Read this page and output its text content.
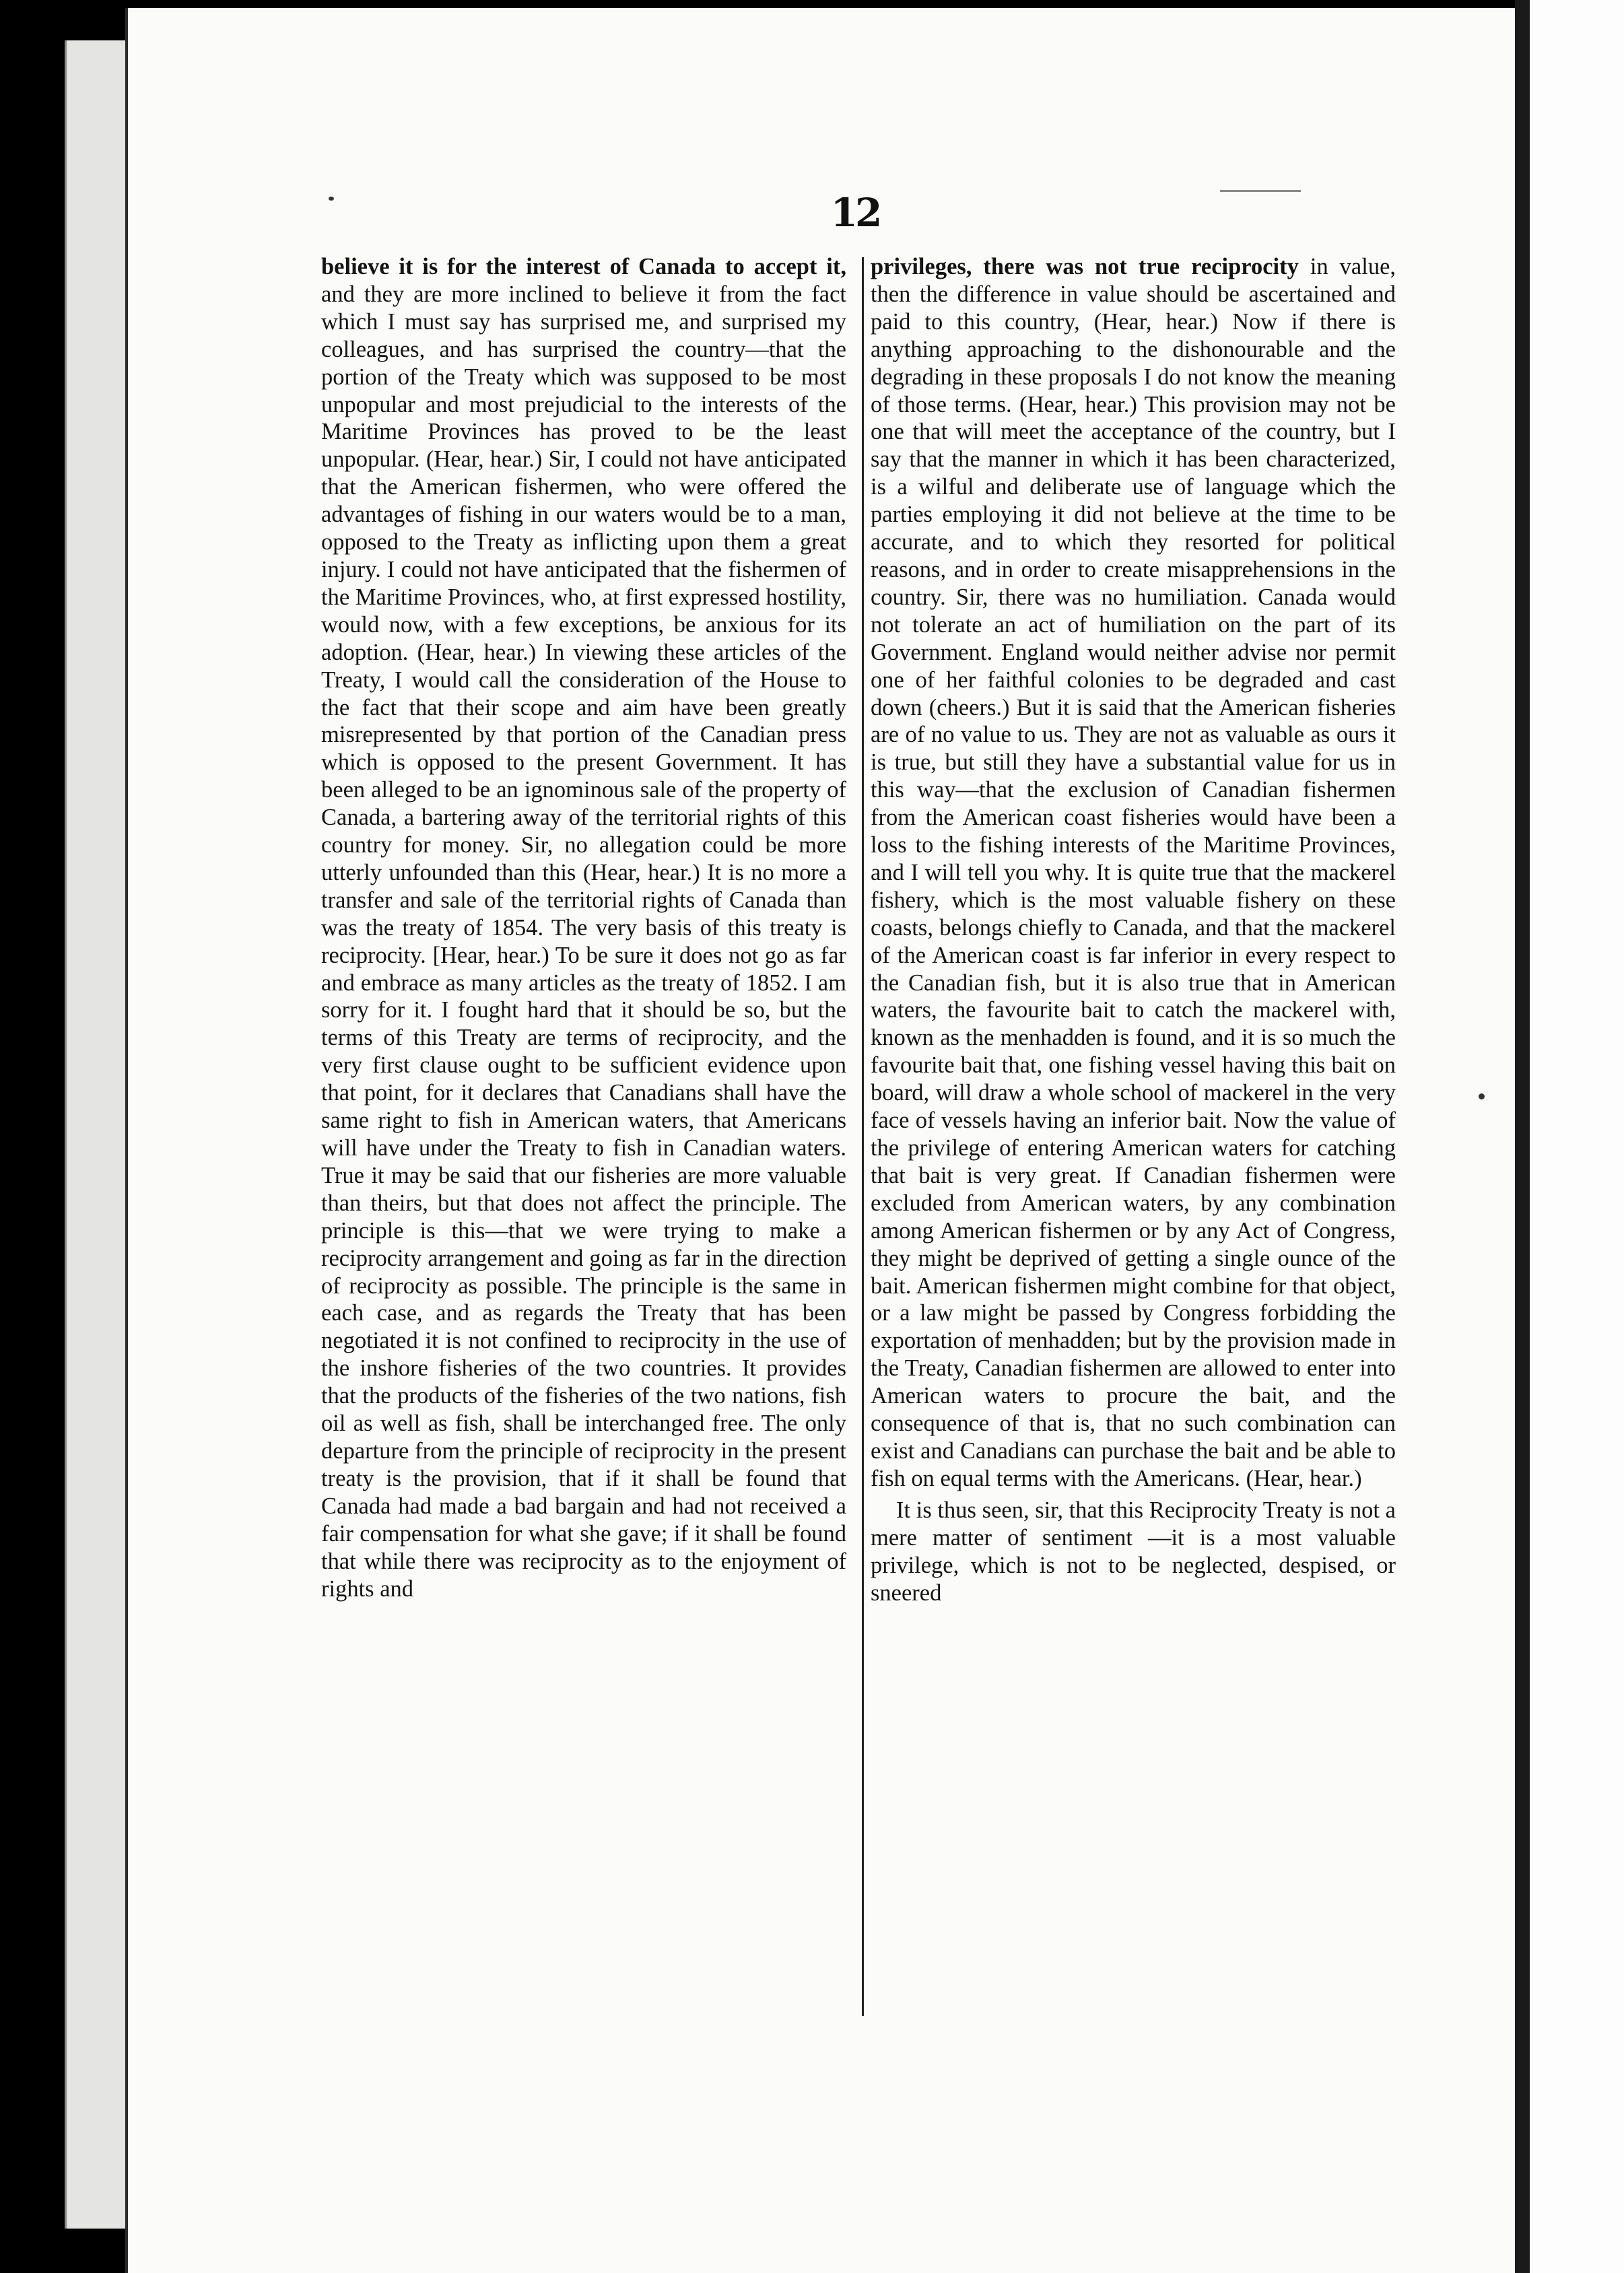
12

believe it is for the interest of Canada to accept it, and they are more inclined to believe it from the fact which I must say has surprised me, and surprised my colleagues, and has surprised the country—that the portion of the Treaty which was supposed to be most unpopular and most prejudicial to the interests of the Maritime Provinces has proved to be the least unpopular. (Hear, hear.) Sir, I could not have anticipated that the American fishermen, who were offered the advantages of fishing in our waters would be to a man, opposed to the Treaty as inflicting upon them a great injury. I could not have anticipated that the fishermen of the Maritime Provinces, who, at first expressed hostility, would now, with a few exceptions, be anxious for its adoption. (Hear, hear.) In viewing these articles of the Treaty, I would call the consideration of the House to the fact that their scope and aim have been greatly misrepresented by that portion of the Canadian press which is opposed to the present Government. It has been alleged to be an ignominous sale of the property of Canada, a bartering away of the territorial rights of this country for money. Sir, no allegation could be more utterly unfounded than this (Hear, hear.) It is no more a transfer and sale of the territorial rights of Canada than was the treaty of 1854. The very basis of this treaty is reciprocity. [Hear, hear.) To be sure it does not go as far and embrace as many articles as the treaty of 1852. I am sorry for it. I fought hard that it should be so, but the terms of this Treaty are terms of reciprocity, and the very first clause ought to be sufficient evidence upon that point, for it declares that Canadians shall have the same right to fish in American waters, that Americans will have under the Treaty to fish in Canadian waters. True it may be said that our fisheries are more valuable than theirs, but that does not affect the principle. The principle is this—that we were trying to make a reciprocity arrangement and going as far in the direction of reciprocity as possible. The principle is the same in each case, and as regards the Treaty that has been negotiated it is not confined to reciprocity in the use of the inshore fisheries of the two countries. It provides that the products of the fisheries of the two nations, fish oil as well as fish, shall be interchanged free. The only departure from the principle of reciprocity in the present treaty is the provision, that if it shall be found that Canada had made a bad bargain and had not received a fair compensation for what she gave; if it shall be found that while there was reciprocity as to the enjoyment of rights and

privileges, there was not true reciprocity in value, then the difference in value should be ascertained and paid to this country, (Hear, hear.) Now if there is anything approaching to the dishonourable and the degrading in these proposals I do not know the meaning of those terms. (Hear, hear.) This provision may not be one that will meet the acceptance of the country, but I say that the manner in which it has been characterized, is a wilful and deliberate use of language which the parties employing it did not believe at the time to be accurate, and to which they resorted for political reasons, and in order to create misapprehensions in the country. Sir, there was no humiliation. Canada would not tolerate an act of humiliation on the part of its Government. England would neither advise nor permit one of her faithful colonies to be degraded and cast down (cheers.) But it is said that the American fisheries are of no value to us. They are not as valuable as ours it is true, but still they have a substantial value for us in this way—that the exclusion of Canadian fishermen from the American coast fisheries would have been a loss to the fishing interests of the Maritime Provinces, and I will tell you why. It is quite true that the mackerel fishery, which is the most valuable fishery on these coasts, belongs chiefly to Canada, and that the mackerel of the American coast is far inferior in every respect to the Canadian fish, but it is also true that in American waters, the favourite bait to catch the mackerel with, known as the menhadden is found, and it is so much the favourite bait that, one fishing vessel having this bait on board, will draw a whole school of mackerel in the very face of vessels having an inferior bait. Now the value of the privilege of entering American waters for catching that bait is very great. If Canadian fishermen were excluded from American waters, by any combination among American fishermen or by any Act of Congress, they might be deprived of getting a single ounce of the bait. American fishermen might combine for that object, or a law might be passed by Congress forbidding the exportation of menhadden; but by the provision made in the Treaty, Canadian fishermen are allowed to enter into American waters to procure the bait, and the consequence of that is, that no such combination can exist and Canadians can purchase the bait and be able to fish on equal terms with the Americans. (Hear, hear.)

It is thus seen, sir, that this Reciprocity Treaty is not a mere matter of sentiment —it is a most valuable privilege, which is not to be neglected, despised, or sneered
